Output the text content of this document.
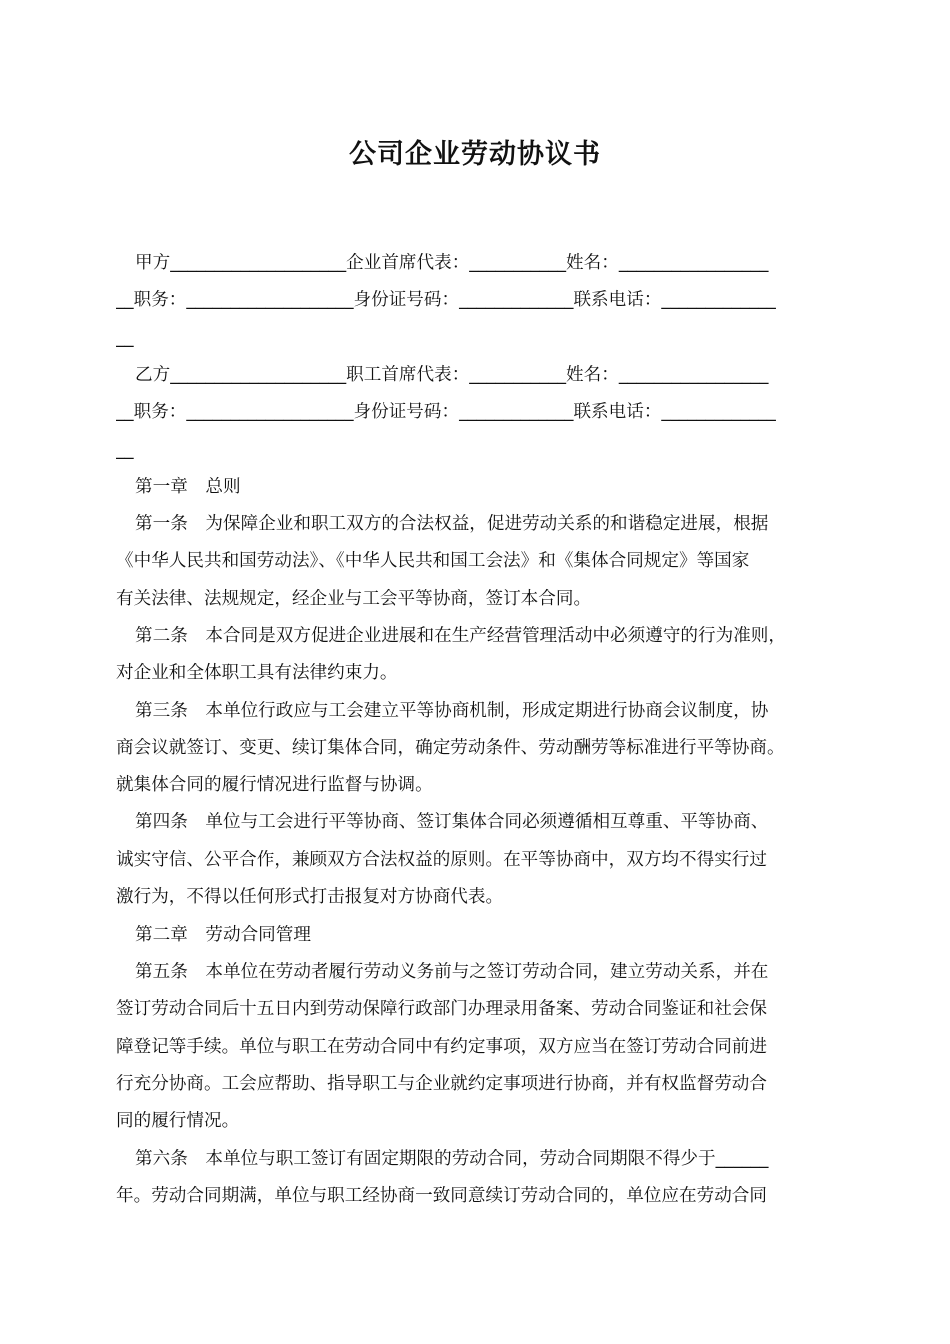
公司企业劳动协议书
甲方____________________企业首席代表：___________姓名：_________________
__职务：___________________身份证号码：_____________联系电话：_____________
__
乙方____________________职工首席代表：___________姓名：_________________
__职务：___________________身份证号码：_____________联系电话：_____________
__
第一章　总则
第一条　为保障企业和职工双方的合法权益，促进劳动关系的和谐稳定进展，根据
《中华人民共和国劳动法》、《中华人民共和国工会法》和《集体合同规定》等国家
有关法律、法规规定，经企业与工会平等协商，签订本合同。
第二条　本合同是双方促进企业进展和在生产经营管理活动中必须遵守的行为准则，
对企业和全体职工具有法律约束力。
第三条　本单位行政应与工会建立平等协商机制，形成定期进行协商会议制度，协
商会议就签订、变更、续订集体合同，确定劳动条件、劳动酬劳等标准进行平等协商。
就集体合同的履行情况进行监督与协调。
第四条　单位与工会进行平等协商、签订集体合同必须遵循相互尊重、平等协商、
诚实守信、公平合作，兼顾双方合法权益的原则。在平等协商中，双方均不得实行过
激行为，不得以任何形式打击报复对方协商代表。
第二章　劳动合同管理
第五条　本单位在劳动者履行劳动义务前与之签订劳动合同，建立劳动关系，并在
签订劳动合同后十五日内到劳动保障行政部门办理录用备案、劳动合同鉴证和社会保
障登记等手续。单位与职工在劳动合同中有约定事项，双方应当在签订劳动合同前进
行充分协商。工会应帮助、指导职工与企业就约定事项进行协商，并有权监督劳动合
同的履行情况。
第六条　本单位与职工签订有固定期限的劳动合同，劳动合同期限不得少于______
年。劳动合同期满，单位与职工经协商一致同意续订劳动合同的，单位应在劳动合同
